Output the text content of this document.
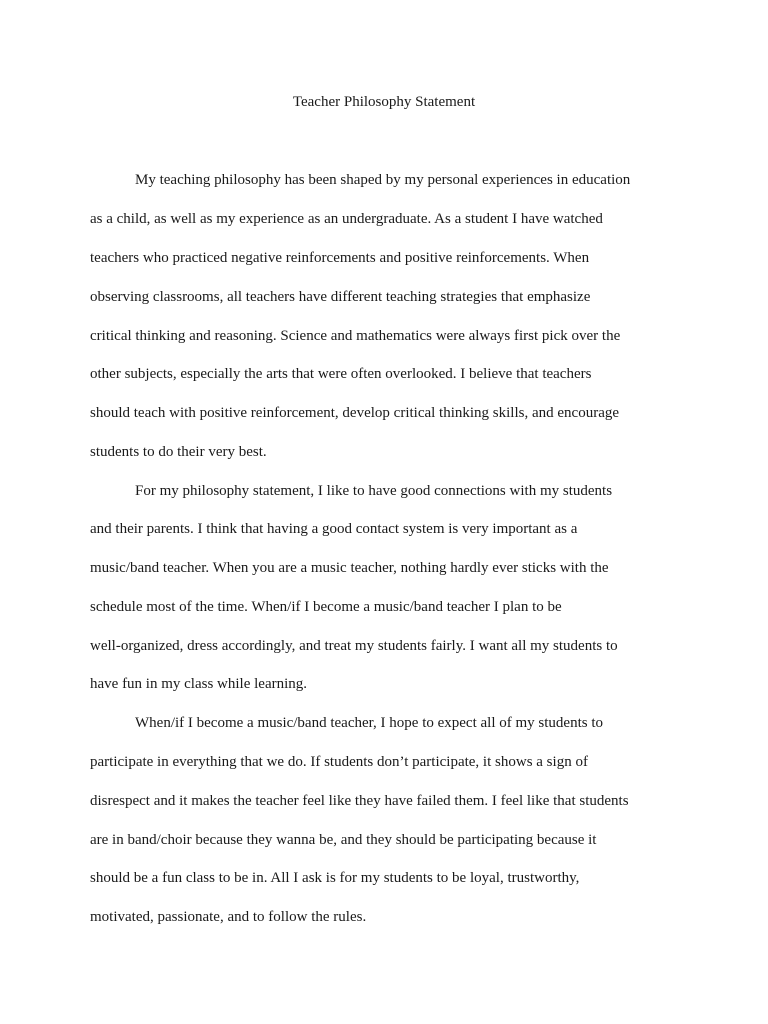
Teacher Philosophy Statement
My teaching philosophy has been shaped by my personal experiences in education
as a child, as well as my experience as an undergraduate. As a student I have watched
teachers who practiced negative reinforcements and positive reinforcements. When
observing classrooms, all teachers have different teaching strategies that emphasize
critical thinking and reasoning. Science and mathematics were always first pick over the
other subjects, especially the arts that were often overlooked. I believe that teachers
should teach with positive reinforcement, develop critical thinking skills, and encourage
students to do their very best.
For my philosophy statement, I like to have good connections with my students
and their parents. I think that having a good contact system is very important as a
music/band teacher. When you are a music teacher, nothing hardly ever sticks with the
schedule most of the time. When/if I become a music/band teacher I plan to be
well-organized, dress accordingly, and treat my students fairly. I want all my students to
have fun in my class while learning.
When/if I become a music/band teacher, I hope to expect all of my students to
participate in everything that we do. If students don’t participate, it shows a sign of
disrespect and it makes the teacher feel like they have failed them. I feel like that students
are in band/choir because they wanna be, and they should be participating because it
should be a fun class to be in. All I ask is for my students to be loyal, trustworthy,
motivated, passionate, and to follow the rules.
